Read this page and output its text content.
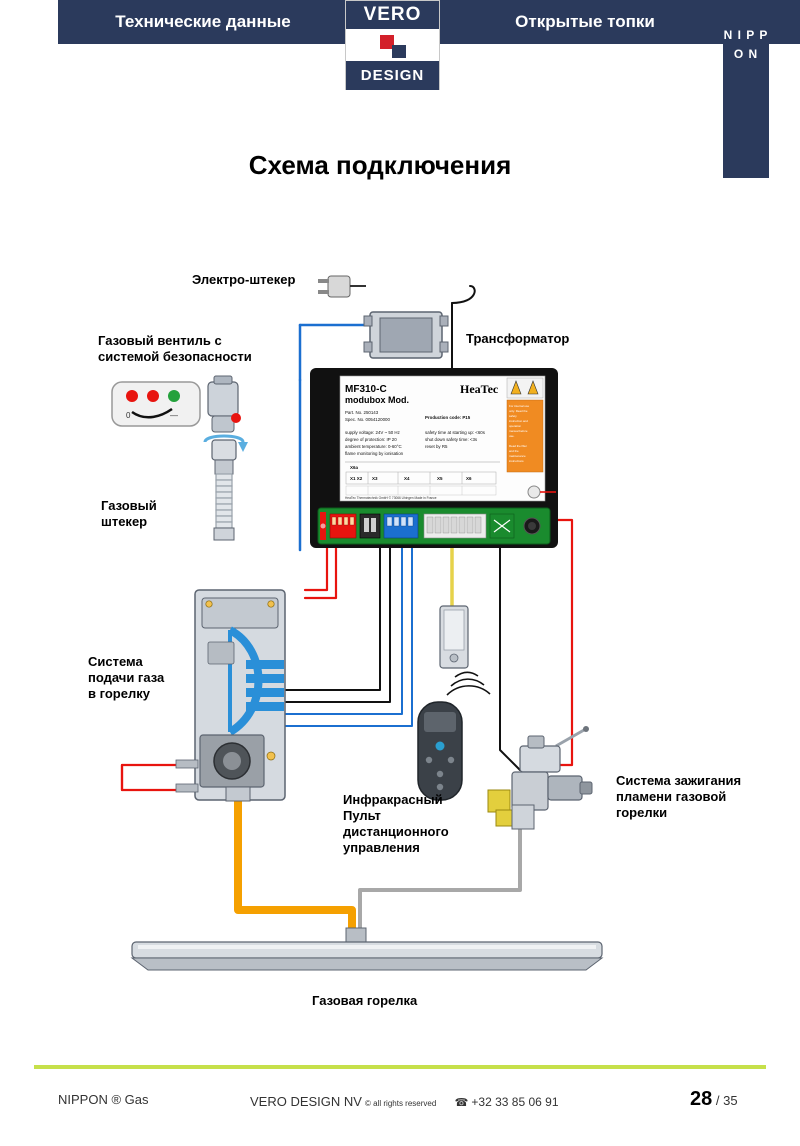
Технические данные	Открытые топки
VERO
DESIGN
N I P P O N
Схема подключения
0	—
MF310-C
modubox Mod.
HeaTec
For internal use
only. Read the
safety
instruction and
operation
manual before
use.
Read the filter
and the
maintenance
instructions
Part. No. 250143
Spec. No. 0054120000	Production code: P15
supply voltage: 24V ~ 50 Hz
degree of protection: IP 20
ambient temperature: 0-60°C
flame monitoring by ionisation
safety time at starting up: <60s
shut down safety time: <3s
reset by R5
X6a
X1 X2 X3	X4	X5	X6
HeaTec Thermotechnik GmbH © 73066 Uhingen Made in France
Электро-штекер
Газовый вентиль с
системой безопасности
Трансформатор
Газовый
штекер
Система
подачи газа
в горелку
Инфракрасный
Пульт
дистанционного
управления
Система зажигания
пламени газовой
горелки
Газовая горелка
NIPPON ® Gas	VERO DESIGN NV © all rights reserved ☎ +32 33 85 06 91	28 / 35
